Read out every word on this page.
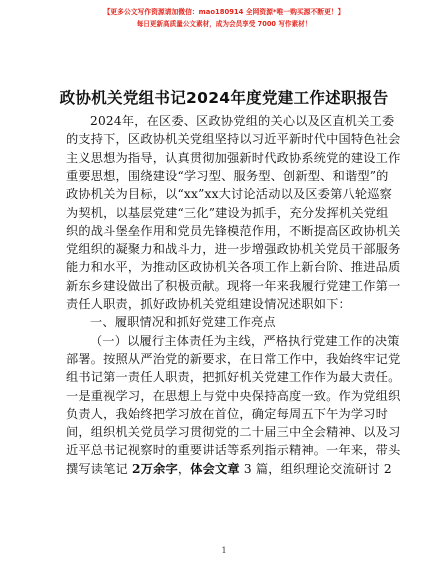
【更多公文写作资源请加微信：mao180914 全网资源*唯一购买源不断更！】
每日更新高质量公文素材，成为会员享受 7000 写作素材！
政协机关党组书记2024年度党建工作述职报告
2024年，在区委、区政协党组的关心以及区直机关工委
的支持下，区政协机关党组坚持以习近平新时代中国特色社会
主义思想为指导，认真贯彻加强新时代政协系统党的建设工作
重要思想，围绕建设“学习型、服务型、创新型、和谐型”的
政协机关为目标，以“xx”xx大讨论活动以及区委第八轮巡察
为契机，以基层党建“三化”建设为抓手，充分发挥机关党组
织的战斗堡垒作用和党员先锋模范作用，不断提高区政协机关
党组织的凝聚力和战斗力，进一步增强政协机关党员干部服务
能力和水平，为推动区政协机关各项工作上新台阶、推进品质
新东乡建设做出了积极贡献。现将一年来我履行党建工作第一
责任人职责，抓好政协机关党组建设情况述职如下：
一、履职情况和抓好党建工作亮点
（一）以履行主体责任为主线，严格执行党建工作的决策
部署。按照从严治党的新要求，在日常工作中，我始终牢记党
组书记第一责任人职责，把抓好机关党建工作作为最大责任。
一是重视学习，在思想上与党中央保持高度一致。作为党组织
负责人，我始终把学习放在首位，确定每周五下午为学习时
间，组织机关党员学习贯彻党的二十届三中全会精神、以及习
近平总书记视察时的重要讲话等系列指示精神。一年来，带头
撰写读笔记 2万余字，体会文章 3 篇，组织理论交流研讨 2
1
